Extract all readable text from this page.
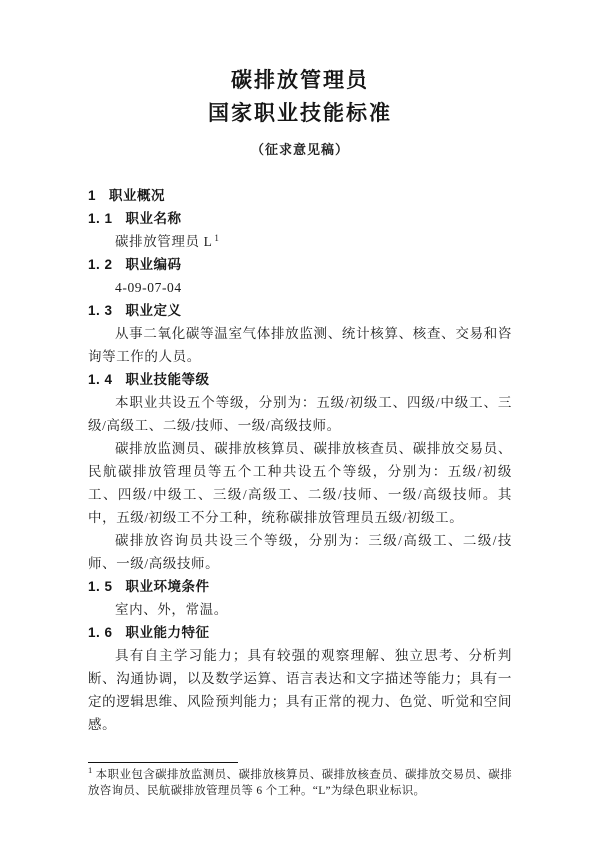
碳排放管理员
国家职业技能标准
（征求意见稿）
1 职业概况
1. 1 职业名称

碳排放管理员 L $^1$

1. 2 职业编码

4-09-07-04

1. 3 职业定义

从事二氧化碳等温室气体排放监测、统计核算、核查、交易和咨询等工作的人员。

1. 4 职业技能等级

本职业共设五个等级，分别为：五级/初级工、四级/中级工、三级/高级工、二级/技师、一级/高级技师。

碳排放监测员、碳排放核算员、碳排放核查员、碳排放交易员、民航碳排放管理员等五个工种共设五个等级，分别为：五级/初级工、四级/中级工、三级/高级工、二级/技师、一级/高级技师。其中，五级/初级工不分工种，统称碳排放管理员五级/初级工。

碳排放咨询员共设三个等级，分别为：三级/高级工、二级/技师、一级/高级技师。

1. 5 职业环境条件

室内、外，常温。

1. 6 职业能力特征

具有自主学习能力；具有较强的观察理解、独立思考、分析判断、沟通协调，以及数学运算、语言表达和文字描述等能力；具有一定的逻辑思维、风险预判能力；具有正常的视力、色觉、听觉和空间感。

$^1$ 本职业包含碳排放监测员、碳排放核算员、碳排放核查员、碳排放交易员、碳排放咨询员、民航碳排放管理员等 6 个工种。“L”为绿色职业标识。
